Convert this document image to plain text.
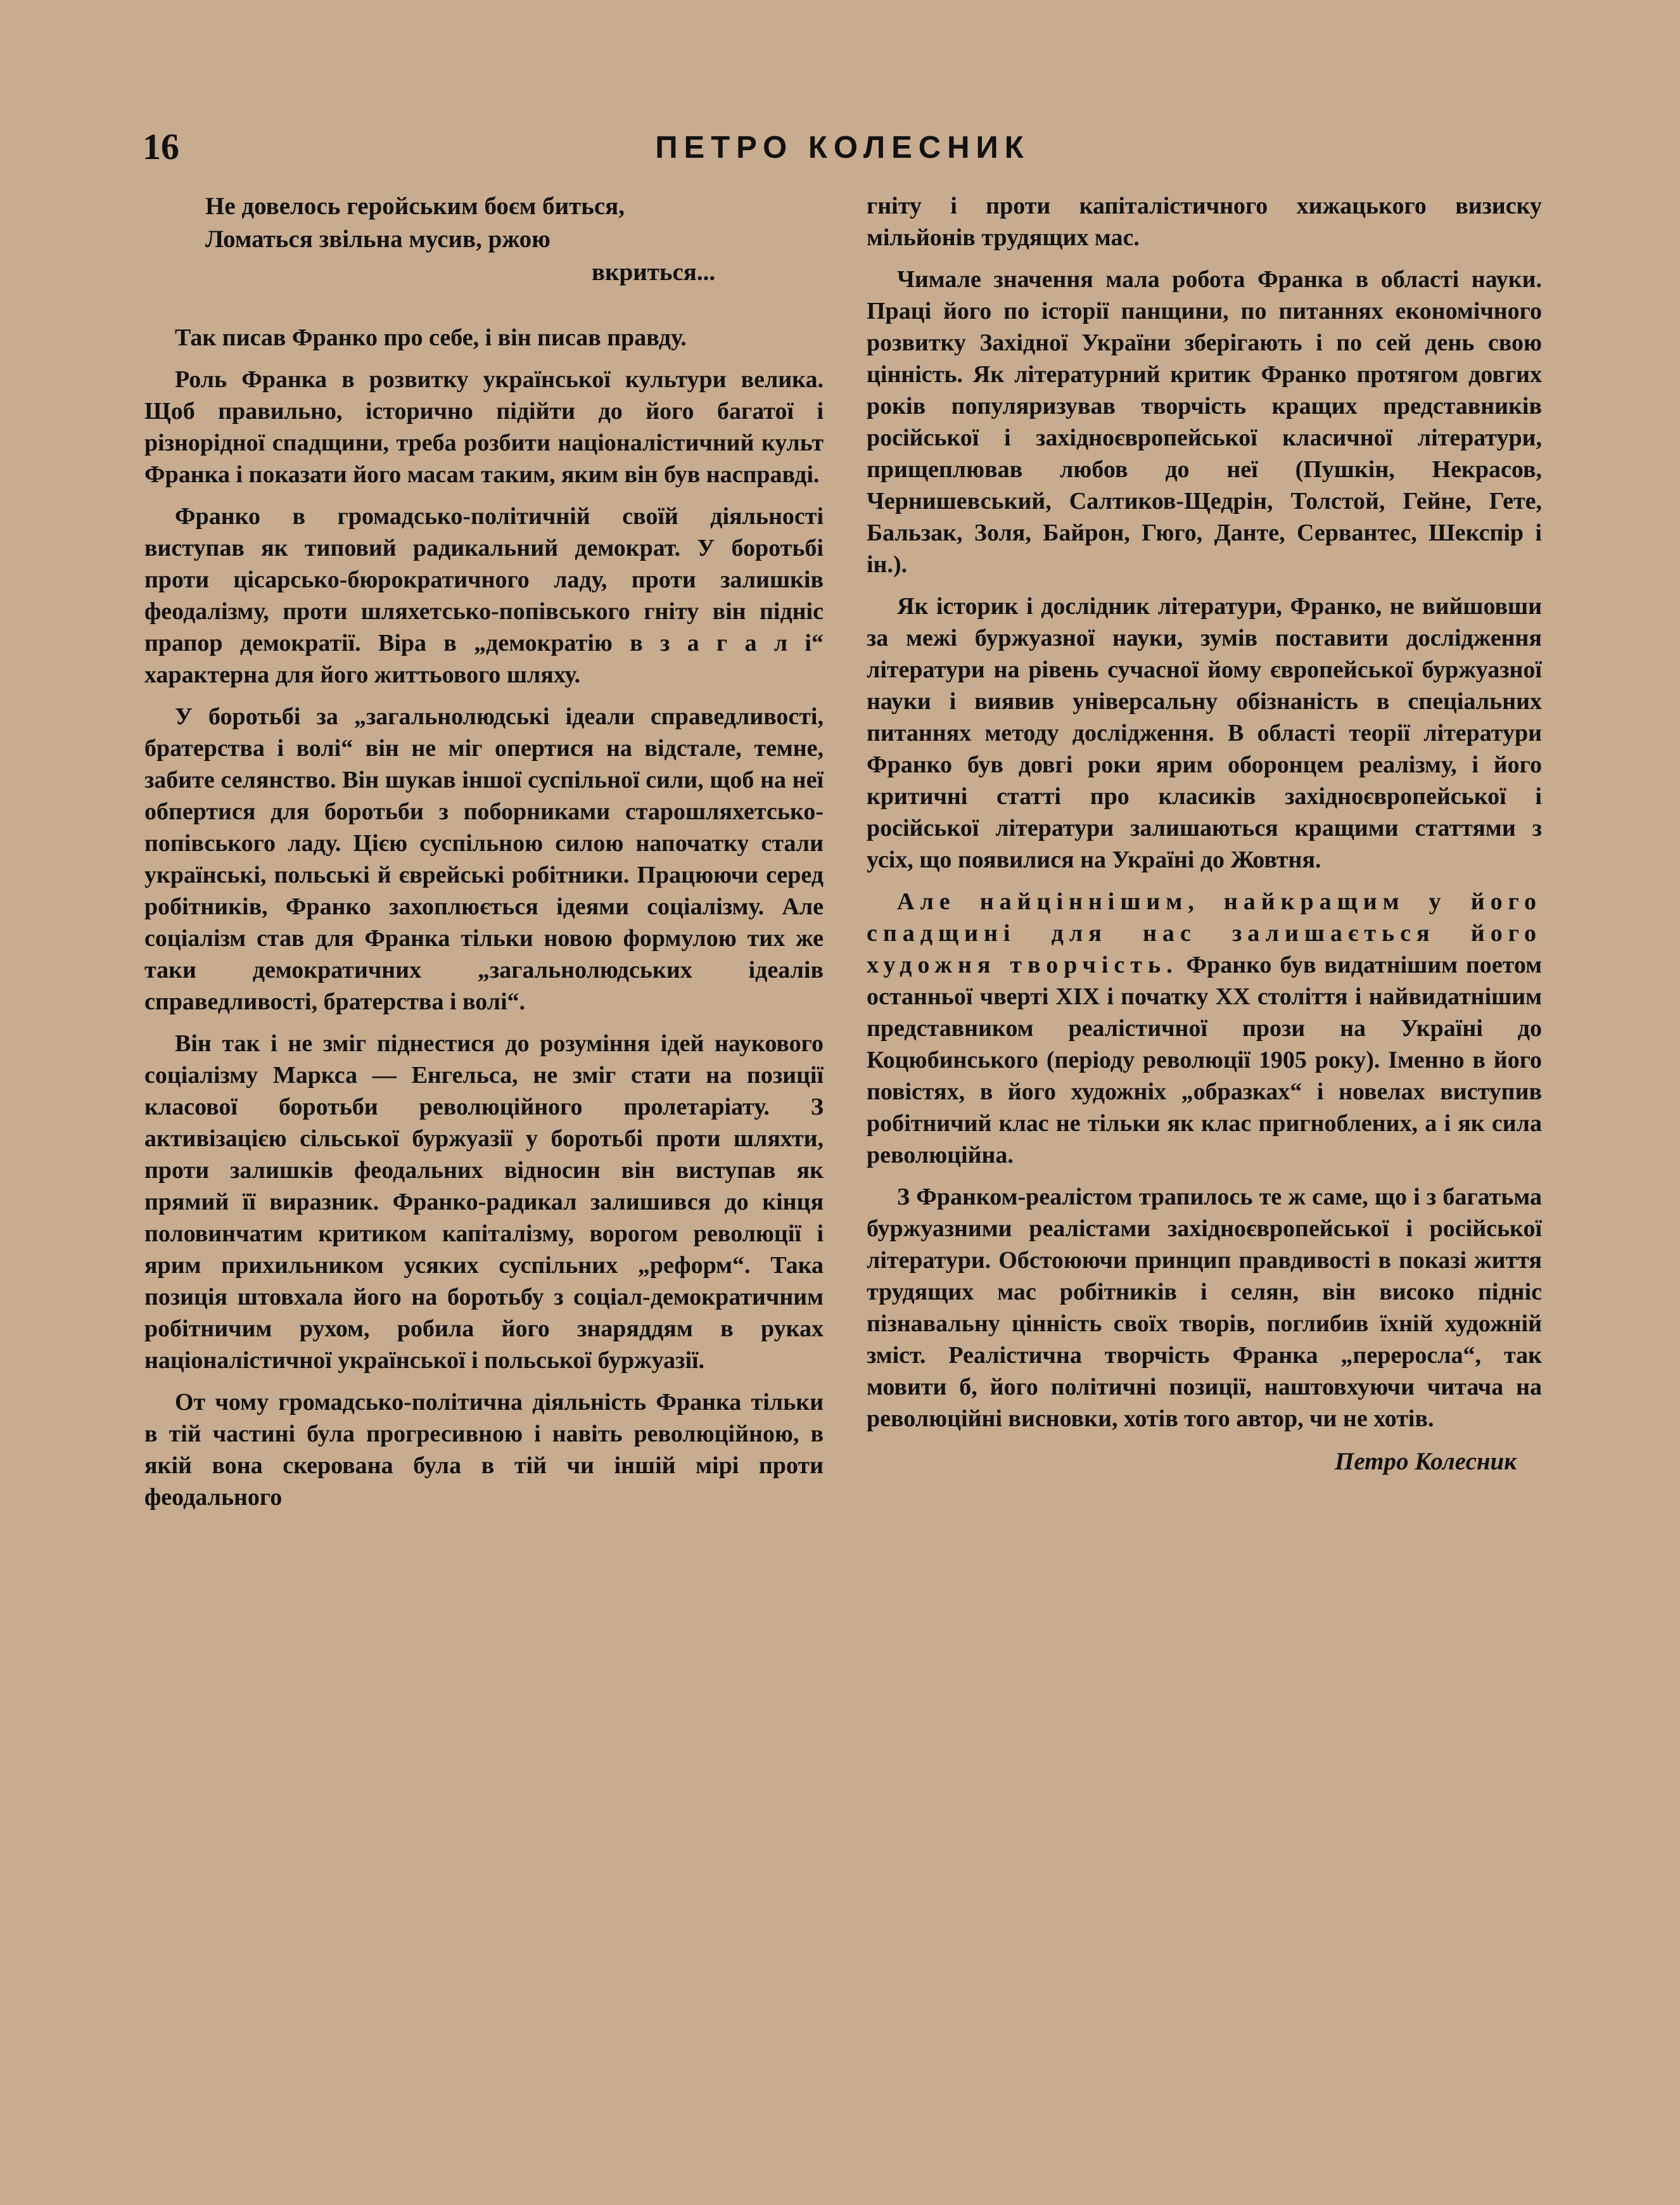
16	ПЕТРО КОЛЕСНИК
Не довелось геройським боєм биться,
Ломаться звільна мусив, ржою
вкриться...

Так писав Франко про себе, і він писав правду.

Роль Франка в розвитку української культури велика. Щоб правильно, історично підійти до його багатої і різнорідної спадщини, треба розбити націоналістичний культ Франка і показати його масам таким, яким він був насправді.

Франко в громадсько-політичній своїй діяльності виступав як типовий радикальний демократ. У боротьбі проти цісарсько-бюрократичного ладу, проти залишків феодалізму, проти шляхетсько-попівського гніту він підніс прапор демократії. Віра в „демократію в з а г а л і“ характерна для його життьового шляху.

У боротьбі за „загальнолюдські ідеали справедливості, братерства і волі“ він не міг опертися на відстале, темне, забите селянство. Він шукав іншої суспільної сили, щоб на неї обпертися для боротьби з поборниками старошляхетсько-попівського ладу. Цією суспільною силою напочатку стали українські, польські й єврейські робітники. Працюючи серед робітників, Франко захоплюється ідеями соціалізму. Але соціалізм став для Франка тільки новою формулою тих же таки демократичних „загальнолюдських ідеалів справедливості, братерства і волі“.

Він так і не зміг піднестися до розуміння ідей наукового соціалізму Маркса — Енгельса, не зміг стати на позиції класової боротьби революційного пролетаріату. З активізацією сільської буржуазії у боротьбі проти шляхти, проти залишків феодальних відносин він виступав як прямий її виразник. Франко-радикал залишився до кінця половинчатим критиком капіталізму, ворогом революції і ярим прихильником усяких суспільних „реформ“. Така позиція штовхала його на боротьбу з соціал-демократичним робітничим рухом, робила його знаряддям в руках націоналістичної української і польської буржуазії.

От чому громадсько-політична діяльність Франка тільки в тій частині була прогресивною і навіть революційною, в якій вона скерована була в тій чи іншій мірі проти феодального

гніту і проти капіталістичного хижацького визиску мільйонів трудящих мас.

Чимале значення мала робота Франка в області науки. Праці його по історії панщини, по питаннях економічного розвитку Західної України зберігають і по сей день свою цінність. Як літературний критик Франко протягом довгих років популяризував творчість кращих представників російської і західноєвропейської класичної літератури, прищеплював любов до неї (Пушкін, Некрасов, Чернишевський, Салтиков-Щедрін, Толстой, Гейне, Гете, Бальзак, Золя, Байрон, Гюго, Данте, Сервантес, Шекспір і ін.).

Як історик і дослідник літератури, Франко, не вийшовши за межі буржуазної науки, зумів поставити дослідження літератури на рівень сучасної йому європейської буржуазної науки і виявив універсальну обізнаність в спеціальних питаннях методу дослідження. В області теорії літератури Франко був довгі роки ярим оборонцем реалізму, і його критичні статті про класиків західноєвропейської і російської літератури залишаються кращими статтями з усіх, що появилися на Україні до Жовтня.

Але найціннішим, найкращим у його спадщині для нас залишається його художня творчість. Франко був видатнішим поетом останньої чверті XIX і початку XX століття і найвидатнішим представником реалістичної прози на Україні до Коцюбинського (періоду революції 1905 року). Іменно в його повістях, в його художніх „образках“ і новелах виступив робітничий клас не тільки як клас пригноблених, а і як сила революційна.

З Франком-реалістом трапилось те ж саме, що і з багатьма буржуазними реалістами західноєвропейської і російської літератури. Обстоюючи принцип правдивості в показі життя трудящих мас робітників і селян, він високо підніс пізнавальну цінність своїх творів, поглибив їхній художній зміст. Реалістична творчість Франка „переросла“, так мовити б, його політичні позиції, наштовхуючи читача на революційні висновки, хотів того автор, чи не хотів.

Петро Колесник
